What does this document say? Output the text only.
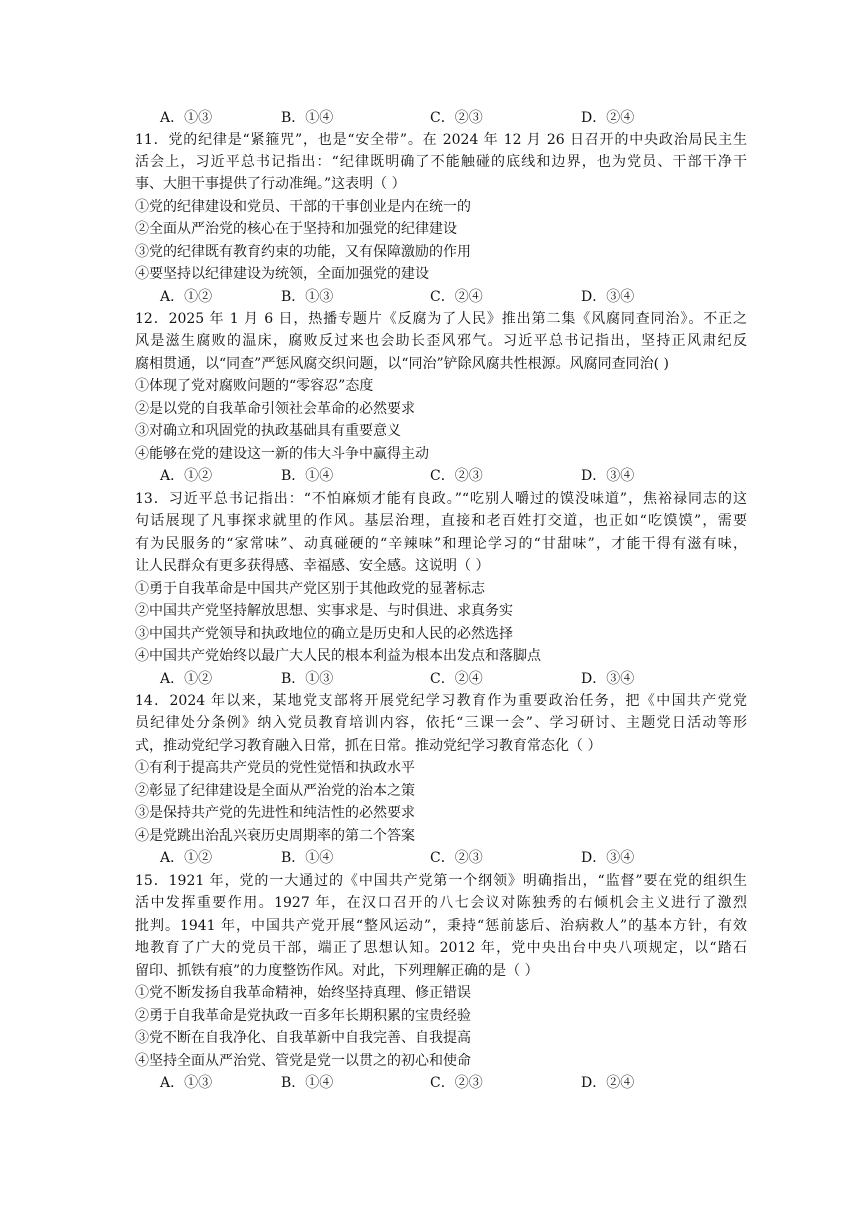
A．①③	B．①④	C．②③	D．②④
11．党的纪律是“紧箍咒”，也是“安全带”。在 2024 年 12 月 26 日召开的中央政治局民主生
活会上，习近平总书记指出：“纪律既明确了不能触碰的底线和边界，也为党员、干部干净干
事、大胆干事提供了行动准绳。”这表明（ ）
①党的纪律建设和党员、干部的干事创业是内在统一的
②全面从严治党的核心在于坚持和加强党的纪律建设
③党的纪律既有教育约束的功能，又有保障激励的作用
④要坚持以纪律建设为统领，全面加强党的建设
A．①②	B．①③	C．②④	D．③④
12．2025 年 1 月 6 日，热播专题片《反腐为了人民》推出第二集《风腐同查同治》。不正之
风是滋生腐败的温床，腐败反过来也会助长歪风邪气。习近平总书记指出，坚持正风肃纪反
腐相贯通，以“同查”严惩风腐交织问题，以“同治”铲除风腐共性根源。风腐同查同治( )
①体现了党对腐败问题的“零容忍”态度
②是以党的自我革命引领社会革命的必然要求
③对确立和巩固党的执政基础具有重要意义
④能够在党的建设这一新的伟大斗争中赢得主动
A．①②	B．①④	C．②③	D．③④
13．习近平总书记指出：“不怕麻烦才能有良政。”“吃别人嚼过的馍没味道”，焦裕禄同志的这
句话展现了凡事探求就里的作风。基层治理，直接和老百姓打交道，也正如“吃馍馍”，需要
有为民服务的“家常味”、动真碰硬的“辛辣味”和理论学习的“甘甜味”，才能干得有滋有味，
让人民群众有更多获得感、幸福感、安全感。这说明（ ）
①勇于自我革命是中国共产党区别于其他政党的显著标志
②中国共产党坚持解放思想、实事求是、与时俱进、求真务实
③中国共产党领导和执政地位的确立是历史和人民的必然选择
④中国共产党始终以最广大人民的根本利益为根本出发点和落脚点
A．①②	B．①③	C．②④	D．③④
14．2024 年以来，某地党支部将开展党纪学习教育作为重要政治任务，把《中国共产党党
员纪律处分条例》纳入党员教育培训内容，依托“三课一会”、学习研讨、主题党日活动等形
式，推动党纪学习教育融入日常，抓在日常。推动党纪学习教育常态化（ ）
①有利于提高共产党员的党性觉悟和执政水平
②彰显了纪律建设是全面从严治党的治本之策
③是保持共产党的先进性和纯洁性的必然要求
④是党跳出治乱兴衰历史周期率的第二个答案
A．①②	B．①④	C．②③	D．③④
15．1921 年，党的一大通过的《中国共产党第一个纲领》明确指出，“监督”要在党的组织生
活中发挥重要作用。1927 年，在汉口召开的八七会议对陈独秀的右倾机会主义进行了激烈
批判。1941 年，中国共产党开展“整风运动”，秉持“惩前毖后、治病救人”的基本方针，有效
地教育了广大的党员干部，端正了思想认知。2012 年，党中央出台中央八项规定，以“踏石
留印、抓铁有痕”的力度整饬作风。对此，下列理解正确的是（ ）
①党不断发扬自我革命精神，始终坚持真理、修正错误
②勇于自我革命是党执政一百多年长期积累的宝贵经验
③党不断在自我净化、自我革新中自我完善、自我提高
④坚持全面从严治党、管党是党一以贯之的初心和使命
A．①③	B．①④	C．②③	D．②④
